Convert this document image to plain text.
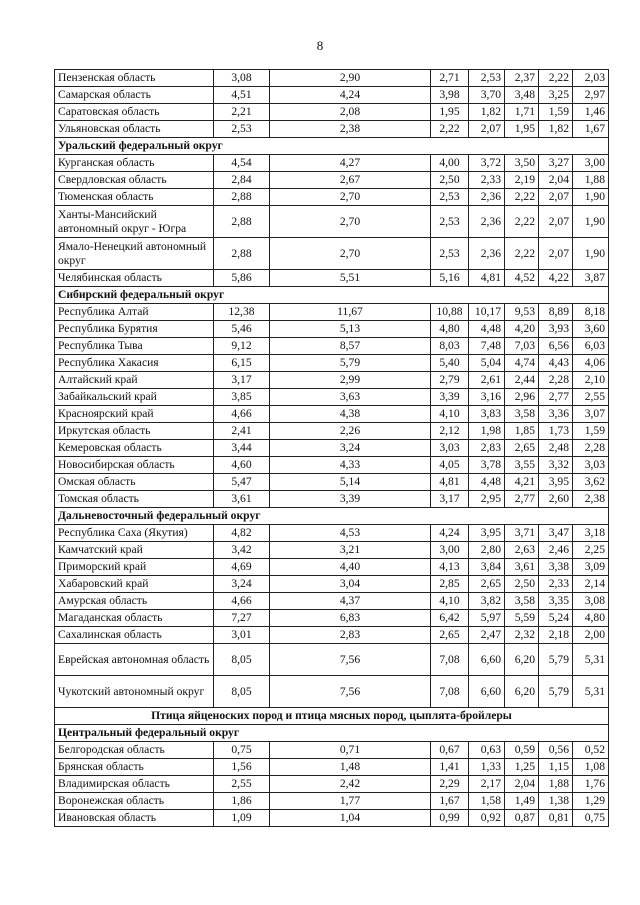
8
Пензенская область	3,08	2,90	2,71	2,53	2,37	2,22	2,03
Самарская область	4,51	4,24	3,98	3,70	3,48	3,25	2,97
Саратовская область	2,21	2,08	1,95	1,82	1,71	1,59	1,46
Ульяновская область	2,53	2,38	2,22	2,07	1,95	1,82	1,67
Уральский федеральный округ							
Курганская область	4,54	4,27	4,00	3,72	3,50	3,27	3,00
Свердловская область	2,84	2,67	2,50	2,33	2,19	2,04	1,88
Тюменская область	2,88	2,70	2,53	2,36	2,22	2,07	1,90
Ханты-Мансийский автономный округ - Югра	2,88	2,70	2,53	2,36	2,22	2,07	1,90
Ямало-Ненецкий автономный округ	2,88	2,70	2,53	2,36	2,22	2,07	1,90
Челябинская область	5,86	5,51	5,16	4,81	4,52	4,22	3,87
Сибирский федеральный округ							
Республика Алтай	12,38	11,67	10,88	10,17	9,53	8,89	8,18
Республика Бурятия	5,46	5,13	4,80	4,48	4,20	3,93	3,60
Республика Тыва	9,12	8,57	8,03	7,48	7,03	6,56	6,03
Республика Хакасия	6,15	5,79	5,40	5,04	4,74	4,43	4,06
Алтайский край	3,17	2,99	2,79	2,61	2,44	2,28	2,10
Забайкальский край	3,85	3,63	3,39	3,16	2,96	2,77	2,55
Красноярский край	4,66	4,38	4,10	3,83	3,58	3,36	3,07
Иркутская область	2,41	2,26	2,12	1,98	1,85	1,73	1,59
Кемеровская область	3,44	3,24	3,03	2,83	2,65	2,48	2,28
Новосибирская область	4,60	4,33	4,05	3,78	3,55	3,32	3,03
Омская область	5,47	5,14	4,81	4,48	4,21	3,95	3,62
Томская область	3,61	3,39	3,17	2,95	2,77	2,60	2,38
Дальневосточный федеральный округ							
Республика Саха (Якутия)	4,82	4,53	4,24	3,95	3,71	3,47	3,18
Камчатский край	3,42	3,21	3,00	2,80	2,63	2,46	2,25
Приморский край	4,69	4,40	4,13	3,84	3,61	3,38	3,09
Хабаровский край	3,24	3,04	2,85	2,65	2,50	2,33	2,14
Амурская область	4,66	4,37	4,10	3,82	3,58	3,35	3,08
Магаданская область	7,27	6,83	6,42	5,97	5,59	5,24	4,80
Сахалинская область	3,01	2,83	2,65	2,47	2,32	2,18	2,00
Еврейская автономная область	8,05	7,56	7,08	6,60	6,20	5,79	5,31
Чукотский автономный округ	8,05	7,56	7,08	6,60	6,20	5,79	5,31
Птица яйценоских пород и птица мясных пород, цыплята-бройлеры							
Центральный федеральный округ							
Белгородская область	0,75	0,71	0,67	0,63	0,59	0,56	0,52
Брянская область	1,56	1,48	1,41	1,33	1,25	1,15	1,08
Владимирская область	2,55	2,42	2,29	2,17	2,04	1,88	1,76
Воронежская область	1,86	1,77	1,67	1,58	1,49	1,38	1,29
Ивановская область	1,09	1,04	0,99	0,92	0,87	0,81	0,75
